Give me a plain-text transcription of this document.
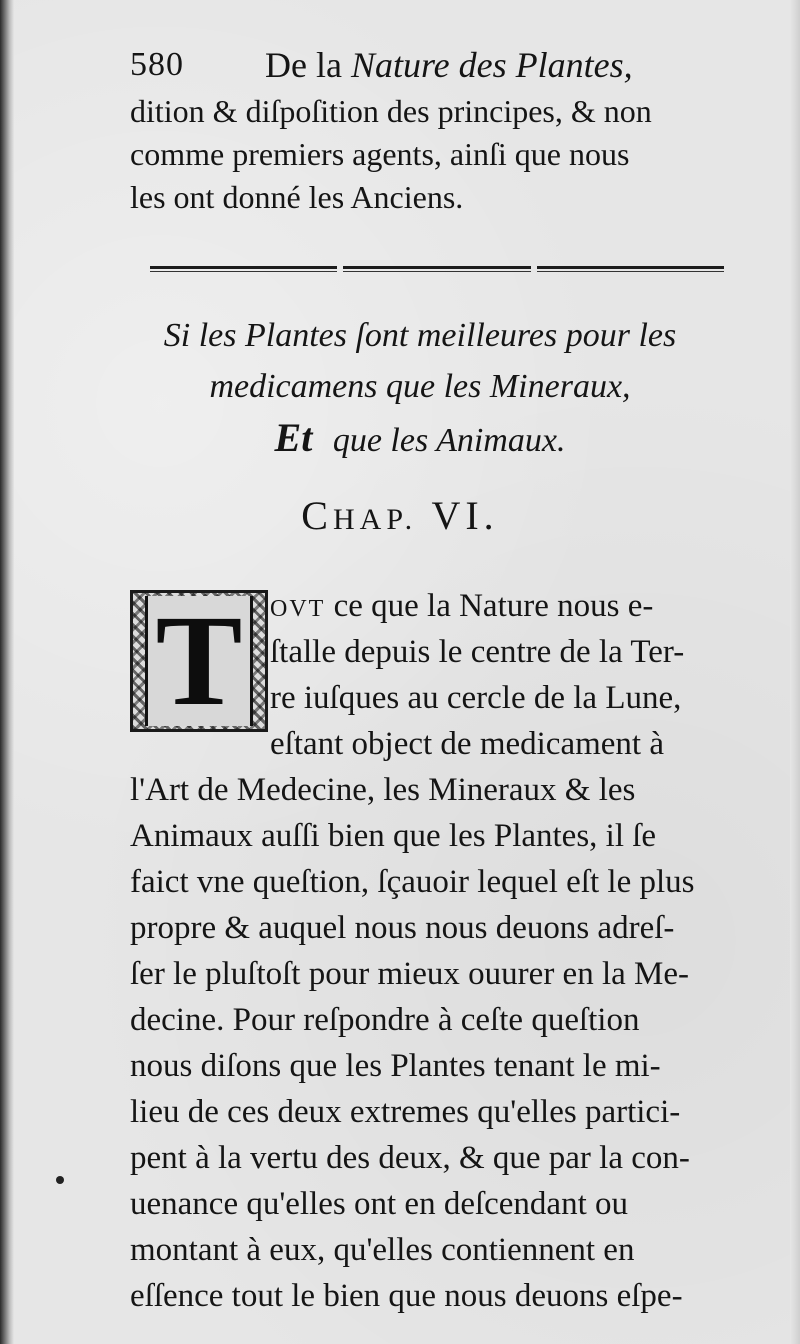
580 De la Nature des Plantes,
dition & diſpoſition des principes, & non
comme premiers agents, ainſi que nous
les ont donné les Anciens.
Si les Plantes ſont meilleures pour les
medicamens que les Mineraux,
Et que les Animaux.
CHAP. VI.
T	OVT ce que la Nature nous e-
ſtalle depuis le centre de la Ter-
re iuſques au cercle de la Lune,
eſtant object de medicament à
l'Art de Medecine, les Mineraux & les
Animaux auſſi bien que les Plantes, il ſe
faict vne queſtion, ſçauoir lequel eſt le plus
propre & auquel nous nous deuons adreſ-
ſer le pluſtoſt pour mieux ouurer en la Me-
decine. Pour reſpondre à ceſte queſtion
nous diſons que les Plantes tenant le mi-
lieu de ces deux extremes qu'elles partici-
pent à la vertu des deux, & que par la con-
uenance qu'elles ont en deſcendant ou
montant à eux, qu'elles contiennent en
eſſence tout le bien que nous deuons eſpe-
